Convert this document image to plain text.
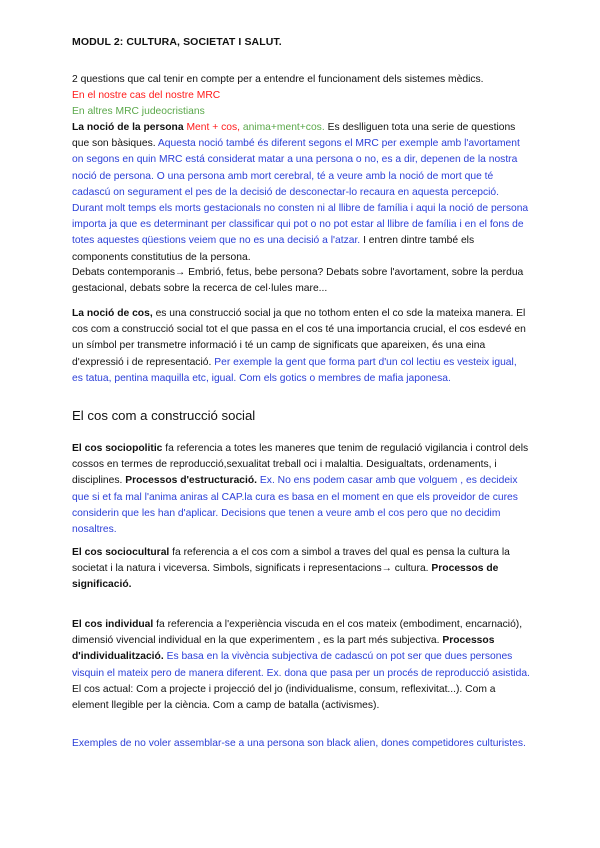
MODUL 2: CULTURA, SOCIETAT I SALUT.

2 questions que cal tenir en compte per a entendre el funcionament dels sistemes mèdics.

En el nostre cas del nostre MRC

En altres MRC judeocristians

La noció de la persona Ment + cos, anima+ment+cos. Es deslliguen tota una serie de questions que son bàsiques. Aquesta noció també és diferent segons el MRC per exemple amb l'avortament on segons en quin MRC está considerat matar a una persona o no, es a dir, depenen de la nostra noció de persona. O una persona amb mort cerebral, té a veure amb la noció de mort que té cadascú on segurament el pes de la decisió de desconectar-lo recaura en aquesta percepció. Durant molt temps els morts gestacionals no consten ni al llibre de família i aqui la noció de persona importa ja que es determinant per classificar qui pot o no pot estar al llibre de família i en el fons de totes aquestes qüestions veiem que no es una decisió a l'atzar. I entren dintre també els components constitutius de la persona.

Debats contemporanis→ Embrió, fetus, bebe persona? Debats sobre l'avortament, sobre la perdua gestacional, debats sobre la recerca de cel·lules mare...

La noció de cos, es una construcció social ja que no tothom enten el co sde la mateixa manera. El cos com a construcció social tot el que passa en el cos té una importancia crucial, el cos esdevé en un símbol per transmetre informació i té un camp de significats que apareixen, és una eina d'expressió i de representació. Per exemple la gent que forma part d'un col lectiu es vesteix igual, es tatua, pentina maquilla etc, igual. Com els gotics o membres de mafia japonesa.

El cos com a construcció social

El cos sociopolitic fa referencia a totes les maneres que tenim de regulació vigilancia i control dels cossos en termes de reproducció,sexualitat treball oci i malaltia. Desigualtats, ordenaments, i disciplines. Processos d'estructuració. Ex. No ens podem casar amb que volguem , es decideix que si et fa mal l'anima aniras al CAP.la cura es basa en el moment en que els proveidor de cures considerin que les han d'aplicar. Decisions que tenen a veure amb el cos pero que no decidim nosaltres.

El cos sociocultural fa referencia a el cos com a simbol a traves del qual es pensa la cultura la societat i la natura i viceversa. Simbols, significats i representacions→ cultura. Processos de significació.

El cos individual fa referencia a l'experiència viscuda en el cos mateix (embodiment, encarnació), dimensió vivencial individual en la que experimentem , es la part més subjectiva. Processos d'individualització. Es basa en la vivència subjectiva de cadascú on pot ser que dues persones visquin el mateix pero de manera diferent. Ex. dona que pasa per un procés de reproducció asistida.

El cos actual: Com a projecte i projecció del jo (individualisme, consum, reflexivitat...). Com a element llegible per la ciència. Com a camp de batalla (activismes).

Exemples de no voler assemblar-se a una persona son black alien, dones competidores culturistes.
